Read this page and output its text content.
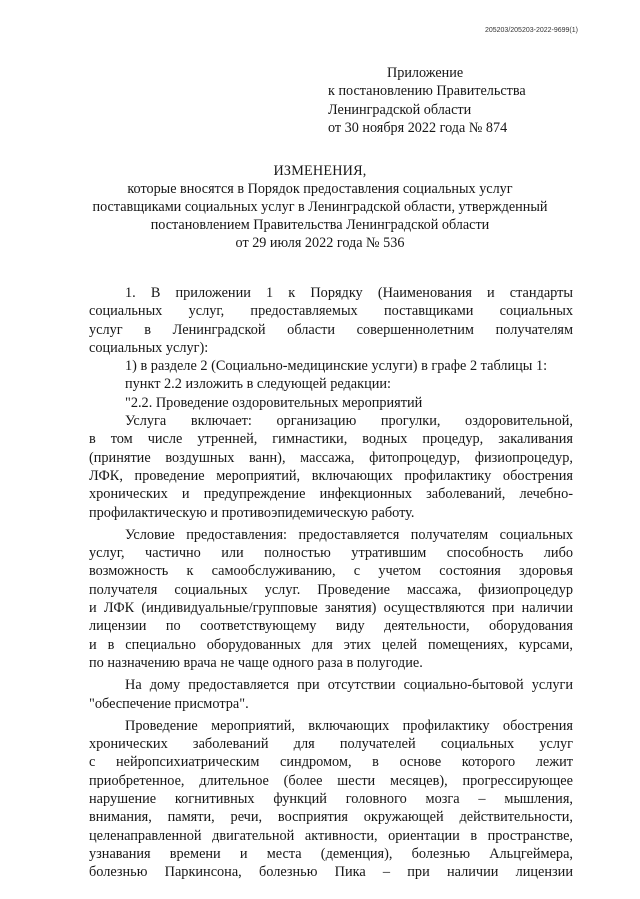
205203/205203-2022-9699(1)
Приложение
к постановлению Правительства
Ленинградской области
от 30 ноября 2022 года № 874
ИЗМЕНЕНИЯ,
которые вносятся в Порядок предоставления социальных услуг
поставщиками социальных услуг в Ленинградской области, утвержденный
постановлением Правительства Ленинградской области
от 29 июля 2022 года № 536
1. В приложении 1 к Порядку (Наименования и стандарты
социальных услуг, предоставляемых поставщиками социальных
услуг в Ленинградской области совершеннолетним получателям
социальных услуг):
1) в разделе 2 (Социально-медицинские услуги) в графе 2 таблицы 1:
пункт 2.2 изложить в следующей редакции:
"2.2. Проведение оздоровительных мероприятий
Услуга включает: организацию прогулки, оздоровительной,
в том числе утренней, гимнастики, водных процедур, закаливания
(принятие воздушных ванн), массажа, фитопроцедур, физиопроцедур,
ЛФК, проведение мероприятий, включающих профилактику обострения
хронических и предупреждение инфекционных заболеваний, лечебно-
профилактическую и противоэпидемическую работу.
Условие предоставления: предоставляется получателям социальных
услуг, частично или полностью утратившим способность либо
возможность к самообслуживанию, с учетом состояния здоровья
получателя социальных услуг. Проведение массажа, физиопроцедур
и ЛФК (индивидуальные/групповые занятия) осуществляются при наличии
лицензии по соответствующему виду деятельности, оборудования
и в специально оборудованных для этих целей помещениях, курсами,
по назначению врача не чаще одного раза в полугодие.
На дому предоставляется при отсутствии социально-бытовой услуги
"обеспечение присмотра".
Проведение мероприятий, включающих профилактику обострения
хронических заболеваний для получателей социальных услуг
с нейропсихиатрическим синдромом, в основе которого лежит
приобретенное, длительное (более шести месяцев), прогрессирующее
нарушение когнитивных функций головного мозга – мышления,
внимания, памяти, речи, восприятия окружающей действительности,
целенаправленной двигательной активности, ориентации в пространстве,
узнавания времени и места (деменция), болезнью Альцгеймера,
болезнью Паркинсона, болезнью Пика – при наличии лицензии
